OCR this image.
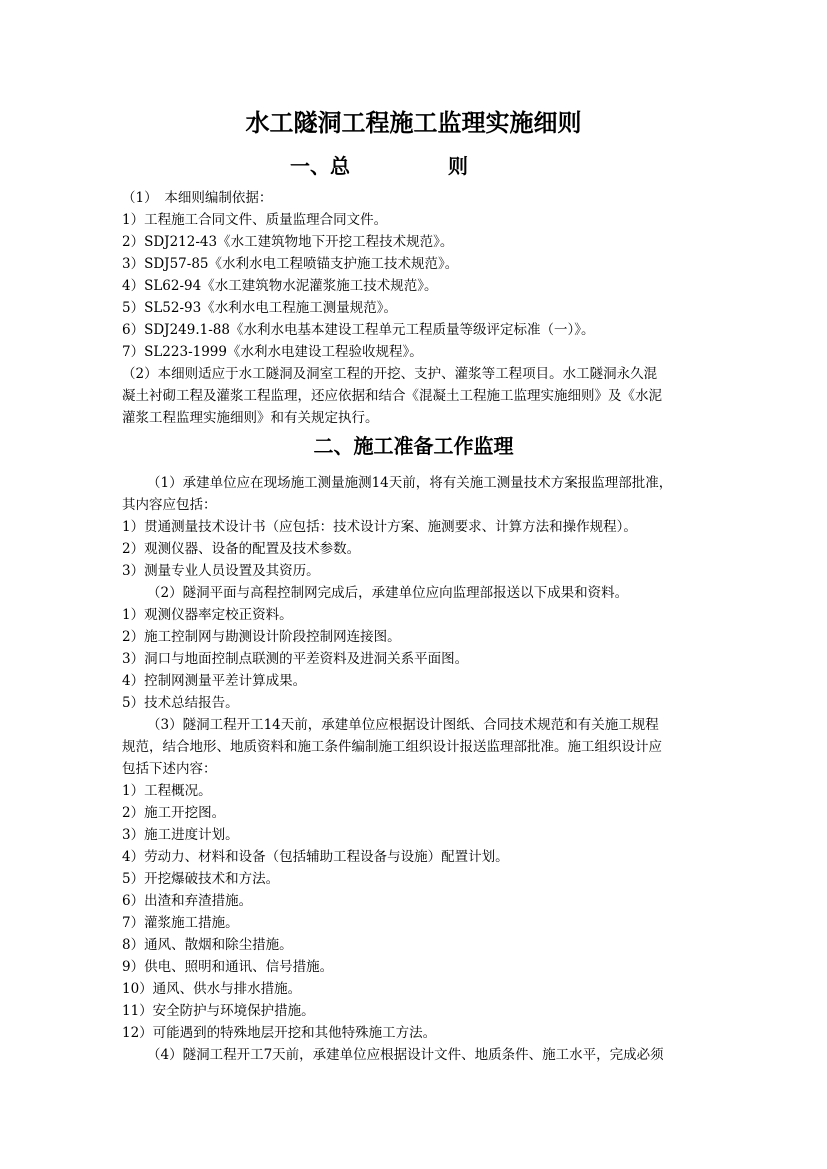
水工隧洞工程施工监理实施细则
一、总	则
（1）　本细则编制依据：
1）工程施工合同文件、质量监理合同文件。
2）SDJ212-43《水工建筑物地下开挖工程技术规范》。
3）SDJ57-85《水利水电工程喷锚支护施工技术规范》。
4）SL62-94《水工建筑物水泥灌浆施工技术规范》。
5）SL52-93《水利水电工程施工测量规范》。
6）SDJ249.1-88《水利水电基本建设工程单元工程质量等级评定标准（一）》。
7）SL223-1999《水利水电建设工程验收规程》。
（2）本细则适应于水工隧洞及洞室工程的开挖、支护、灌浆等工程项目。水工隧洞永久混
凝土衬砌工程及灌浆工程监理，还应依据和结合《混凝土工程施工监理实施细则》及《水泥
灌浆工程监理实施细则》和有关规定执行。
二、施工准备工作监理
（1）承建单位应在现场施工测量施测14天前，将有关施工测量技术方案报监理部批准，
其内容应包括：
1）贯通测量技术设计书（应包括：技术设计方案、施测要求、计算方法和操作规程）。
2）观测仪器、设备的配置及技术参数。
3）测量专业人员设置及其资历。
（2）隧洞平面与高程控制网完成后，承建单位应向监理部报送以下成果和资料。
1）观测仪器率定校正资料。
2）施工控制网与勘测设计阶段控制网连接图。
3）洞口与地面控制点联测的平差资料及进洞关系平面图。
4）控制网测量平差计算成果。
5）技术总结报告。
（3）隧洞工程开工14天前，承建单位应根据设计图纸、合同技术规范和有关施工规程
规范，结合地形、地质资料和施工条件编制施工组织设计报送监理部批准。施工组织设计应
包括下述内容：
1）工程概况。
2）施工开挖图。
3）施工进度计划。
4）劳动力、材料和设备（包括辅助工程设备与设施）配置计划。
5）开挖爆破技术和方法。
6）出渣和弃渣措施。
7）灌浆施工措施。
8）通风、散烟和除尘措施。
9）供电、照明和通讯、信号措施。
10）通风、供水与排水措施。
11）安全防护与环境保护措施。
12）可能遇到的特殊地层开挖和其他特殊施工方法。
（4）隧洞工程开工7天前，承建单位应根据设计文件、地质条件、施工水平，完成必须
